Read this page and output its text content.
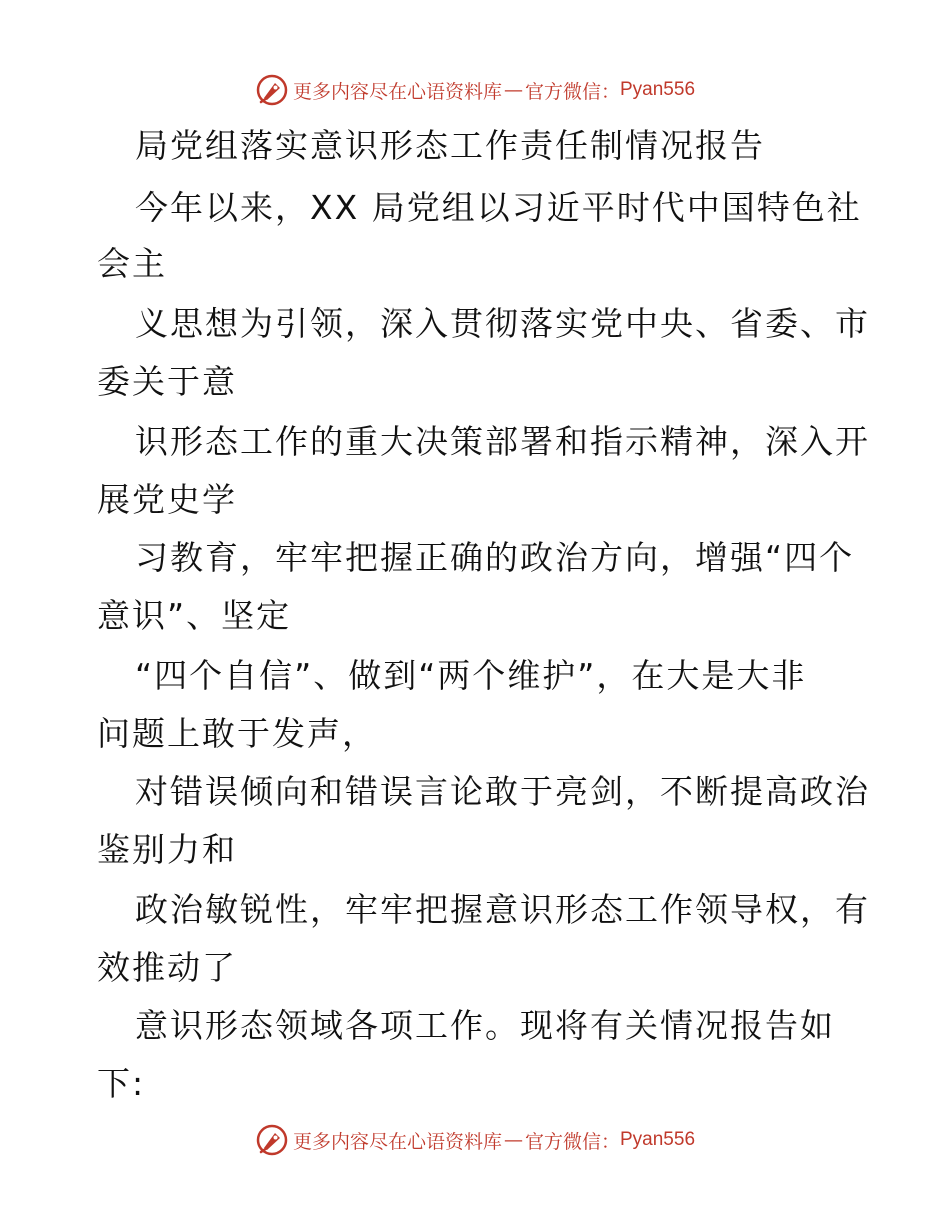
更多内容尽在心语资料库 — 官方微信： Pyan556
局党组落实意识形态工作责任制情况报告
今年以来，XX 局党组以习近平时代中国特色社
会主
义思想为引领，深入贯彻落实党中央、省委、市
委关于意
识形态工作的重大决策部署和指示精神，深入开
展党史学
习教育，牢牢把握正确的政治方向，增强“四个
意识”、坚定
“四个自信”、做到“两个维护”，在大是大非
问题上敢于发声，
对错误倾向和错误言论敢于亮剑，不断提高政治
鉴别力和
政治敏锐性，牢牢把握意识形态工作领导权，有
效推动了
意识形态领域各项工作。现将有关情况报告如
下:
更多内容尽在心语资料库 — 官方微信： Pyan556
